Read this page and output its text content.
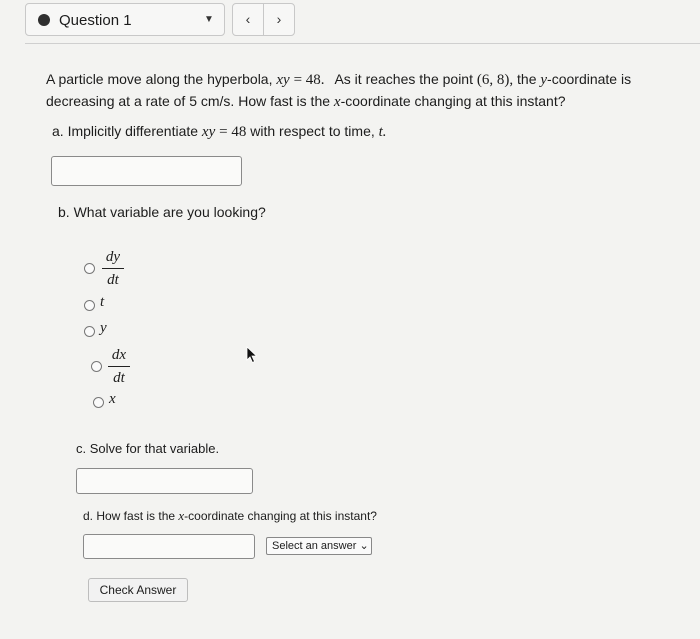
Question 1	▼	‹	›
A particle move along the hyperbola, xy = 48. As it reaches the point (6, 8), the y-coordinate is
decreasing at a rate of 5 cm/s. How fast is the x-coordinate changing at this instant?
a. Implicitly differentiate xy = 48 with respect to time, t.
b. What variable are you looking?
dy
dt
t
y
dx
dt
x
c. Solve for that variable.
d. How fast is the x-coordinate changing at this instant?
Select an answer ⌄
Check Answer
